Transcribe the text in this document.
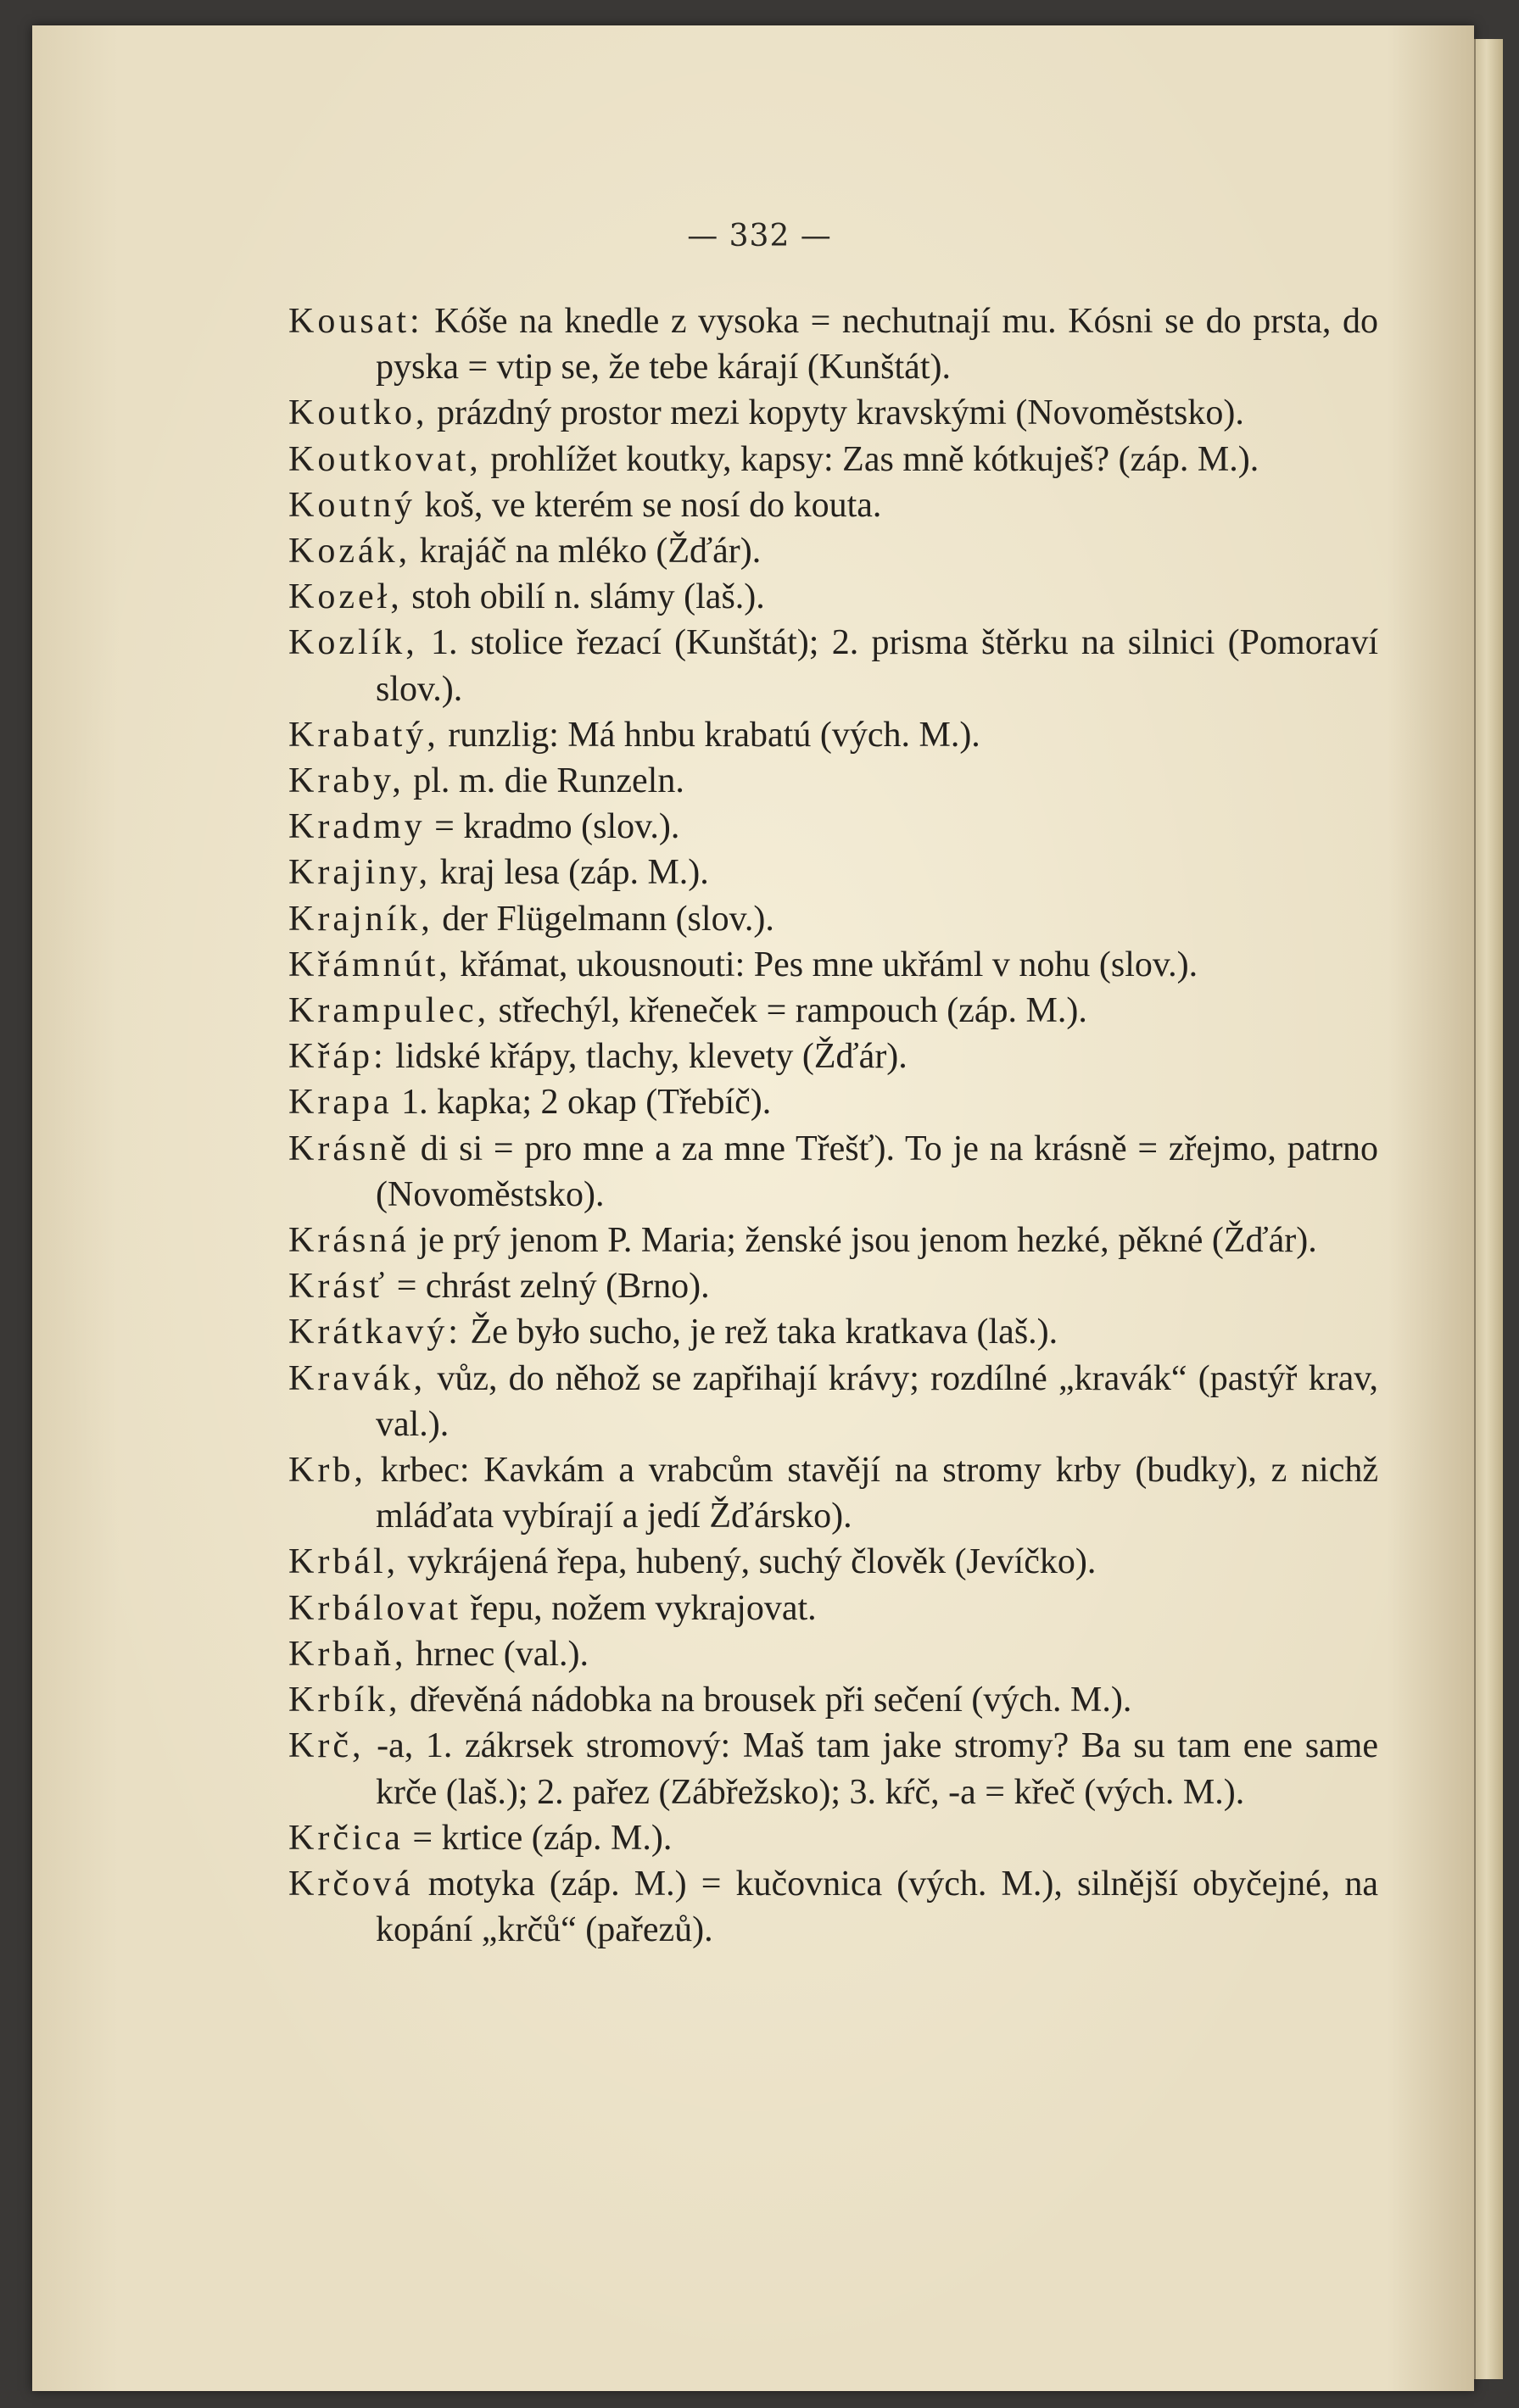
— 332 —

Kousat: Kóše na knedle z vysoka = nechutnají mu. Kósni se do prsta, do pyska = vtip se, že tebe kárají (Kunštát).

Koutko, prázdný prostor mezi kopyty kravskými (Novoměstsko).

Koutkovat, prohlížet koutky, kapsy: Zas mně kótkuješ? (záp. M.).

Koutný koš, ve kterém se nosí do kouta.

Kozák, krajáč na mléko (Žďár).

Kozeł, stoh obilí n. slámy (laš.).

Kozlík, 1. stolice řezací (Kunštát); 2. prisma štěrku na silnici (Pomoraví slov.).

Krabatý, runzlig: Má hnbu krabatú (vých. M.).

Kraby, pl. m. die Runzeln.

Kradmy = kradmo (slov.).

Krajiny, kraj lesa (záp. M.).

Krajník, der Flügelmann (slov.).

Křámnút, křámat, ukousnouti: Pes mne ukřáml v nohu (slov.).

Krampulec, střechýl, křeneček = rampouch (záp. M.).

Křáp: lidské křápy, tlachy, klevety (Žďár).

Krapa 1. kapka; 2 okap (Třebíč).

Krásně di si = pro mne a za mne Třešť). To je na krásně = zřejmo, patrno (Novoměstsko).

Krásná je prý jenom P. Maria; ženské jsou jenom hezké, pěkné (Žďár).

Krásť = chrást zelný (Brno).

Krátkavý: Že było sucho, je rež taka kratkava (laš.).

Kravák, vůz, do něhož se zapřihají krávy; rozdílné „kravák“ (pastýř krav, val.).

Krb, krbec: Kavkám a vrabcům stavějí na stromy krby (budky), z nichž mláďata vybírají a jedí Žďársko).

Krbál, vykrájená řepa, hubený, suchý člověk (Jevíčko).

Krbálovat řepu, nožem vykrajovat.

Krbaň, hrnec (val.).

Krbík, dřevěná nádobka na brousek při sečení (vých. M.).

Krč, -a, 1. zákrsek stromový: Maš tam jake stromy? Ba su tam ene same krče (laš.); 2. pařez (Zábřežsko); 3. kŕč, -a = křeč (vých. M.).

Krčica = krtice (záp. M.).

Krčová motyka (záp. M.) = kučovnica (vých. M.), silnější obyčejné, na kopání „krčů“ (pařezů).
